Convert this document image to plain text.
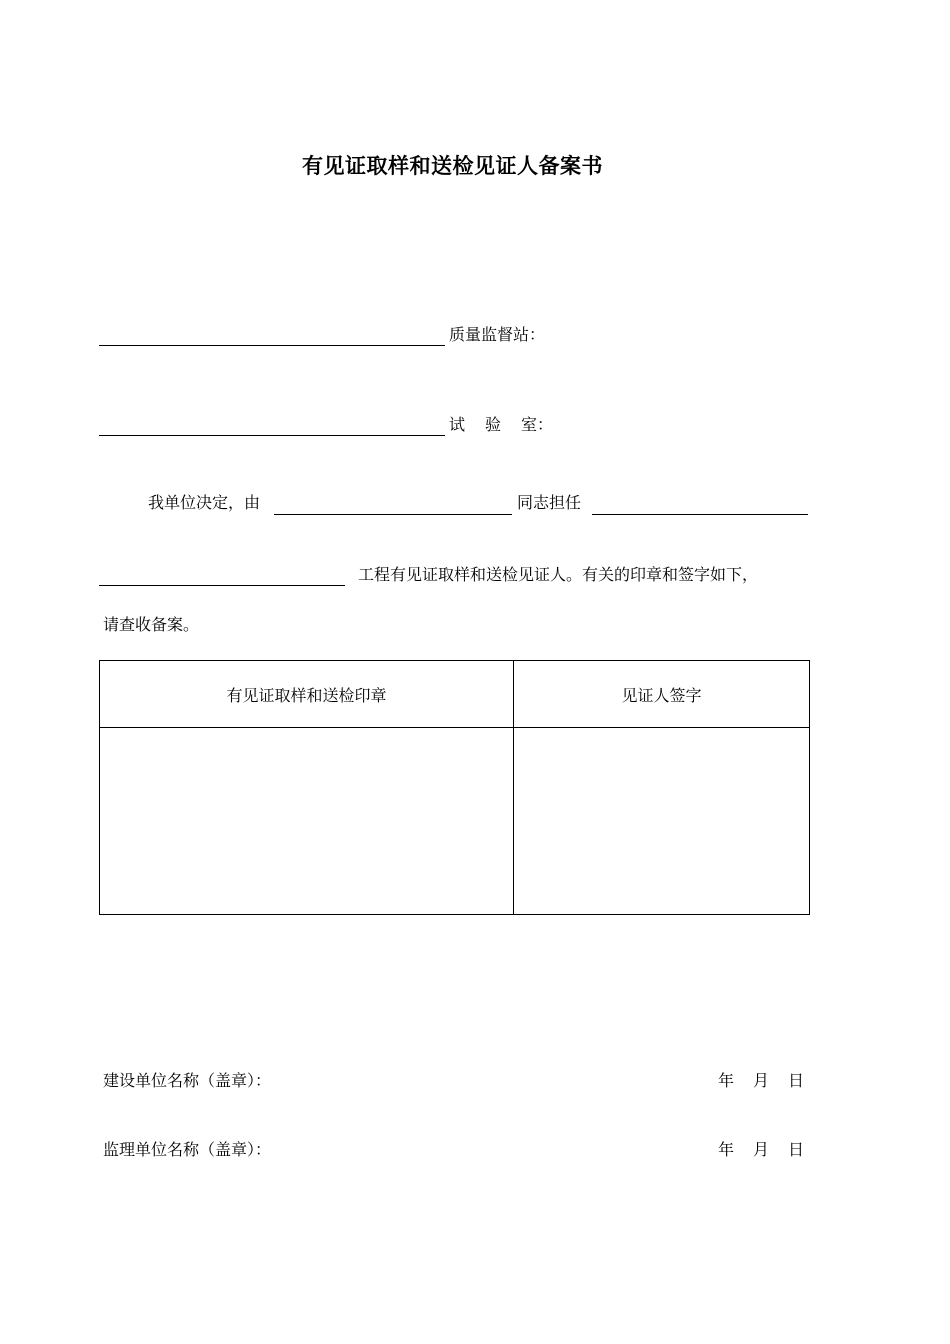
有见证取样和送检见证人备案书
质量监督站：
试 验 室：
我单位决定，由	同志担任
工程有见证取样和送检见证人。有关的印章和签字如下，
请查收备案。
有见证取样和送检印章	见证人签字

建设单位名称（盖章）：	年 月 日
监理单位名称（盖章）：	年 月 日
